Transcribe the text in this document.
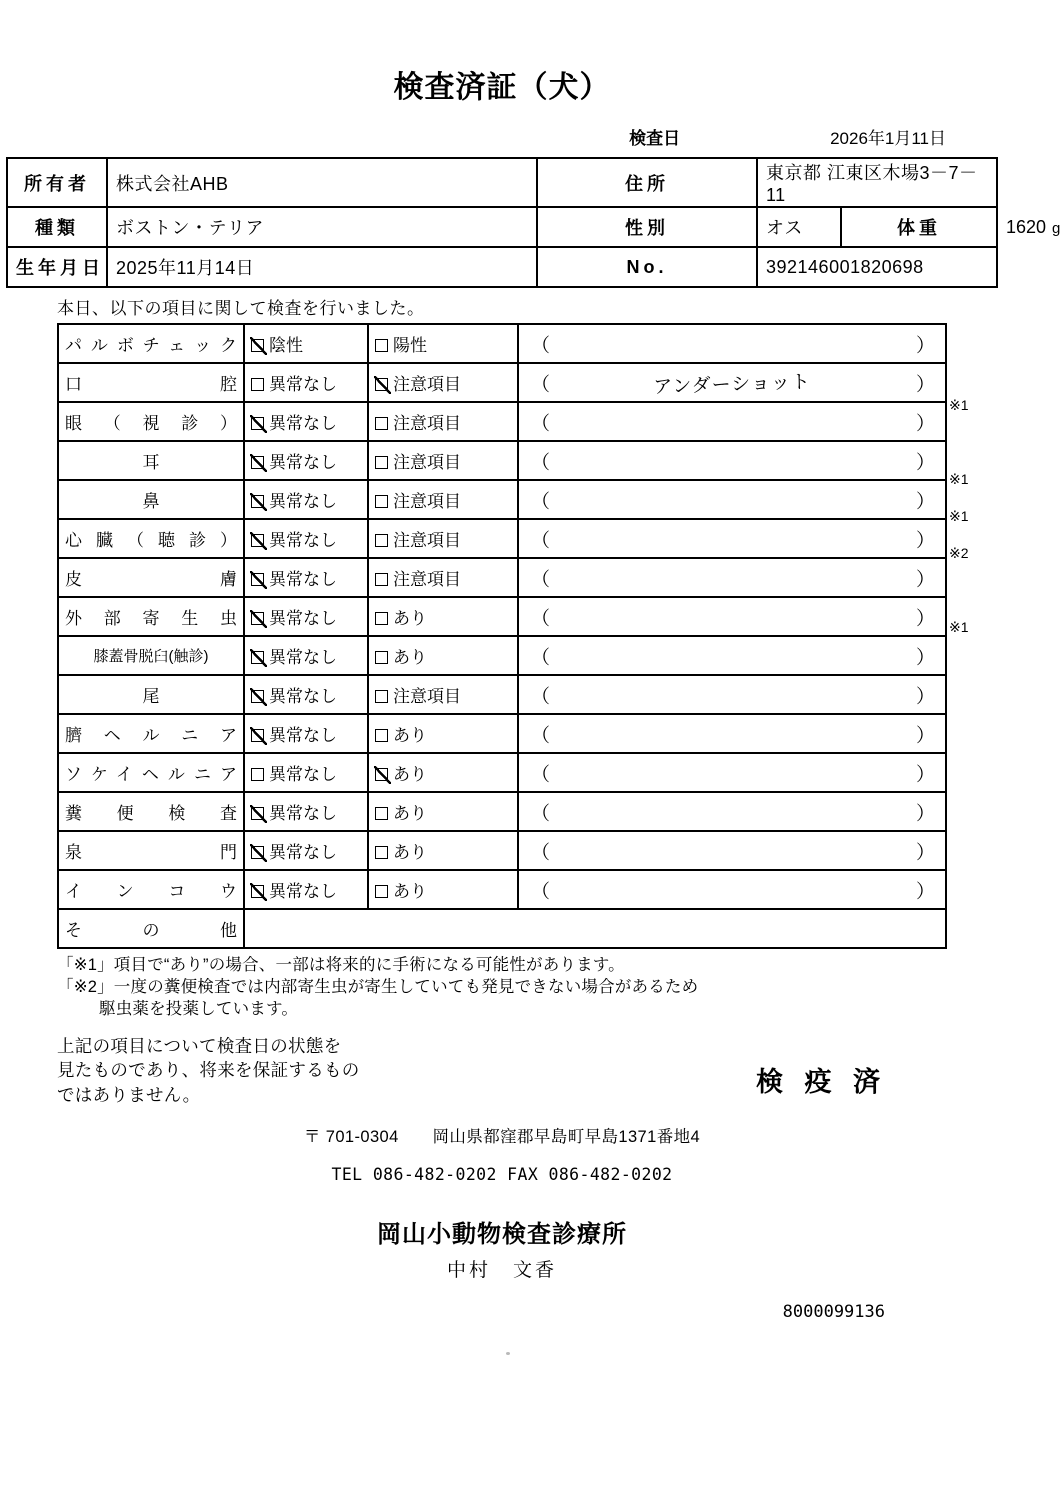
検査済証（犬）
検査日	2026年1月11日
所有者	株式会社AHB	住所	東京都 江東区木場3－7－11		
種類	ボストン・テリア	性別	オス	体重	1620 g
生年月日	2025年11月14日	No.	392146001820698		
本日、以下の項目に関して検査を行いました。
パルボチェック	陰性	陽性	（ ）

口　　　　腔	異常なし	注意項目	（ アンダーショット ）

眼（視診）	異常なし	注意項目	（ ）

耳	異常なし	注意項目	（ ）

鼻	異常なし	注意項目	（ ）

心臓（聴診）	異常なし	注意項目	（ ）

皮　　　　膚	異常なし	注意項目	（ ）

外部寄生虫	異常なし	あり	（ ）

膝蓋骨脱臼(触診)	異常なし	あり	（ ）

尾	異常なし	注意項目	（ ）

臍ヘルニア	異常なし	あり	（ ）

ソケイヘルニア	異常なし	あり	（ ）

糞便検査	異常なし	あり	（ ）

泉　　　　門	異常なし	あり	（ ）

インコウ	異常なし	あり	（ ）

そ　　の　　他			
※1
※1
※1
※2
※1
「※1」項目で“あり”の場合、一部は将来的に手術になる可能性があります。
「※2」一度の糞便検査では内部寄生虫が寄生していても発見できない場合があるため
駆虫薬を投薬しています。
上記の項目について検査日の状態を
見たものであり、将来を保証するもの
ではありません。	検 疫 済
〒 701-0304　　岡山県都窪郡早島町早島1371番地4
TEL 086-482-0202 FAX 086-482-0202
岡山小動物検査診療所
中村　文香
8000099136
